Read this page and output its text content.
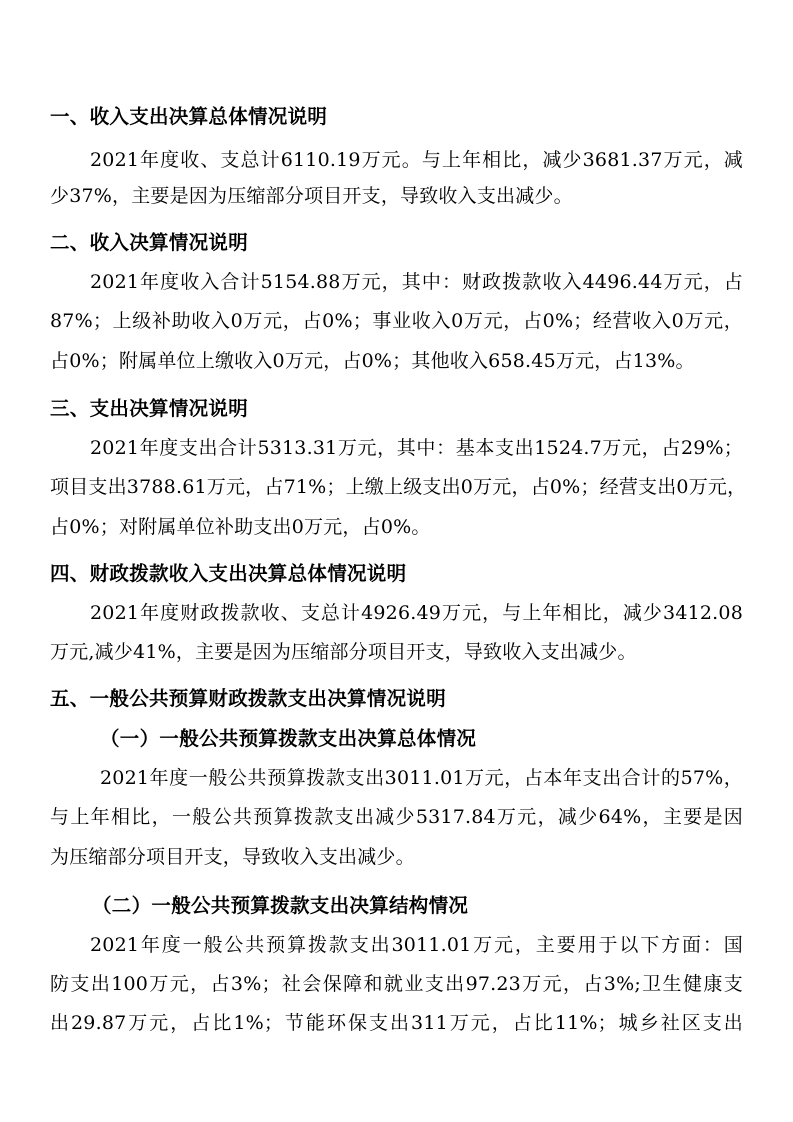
一、收入支出决算总体情况说明

2021年度收、支总计6110.19万元。与上年相比，减少3681.37万元，减

少37%，主要是因为压缩部分项目开支，导致收入支出减少。

二、收入决算情况说明

2021年度收入合计5154.88万元，其中：财政拨款收入4496.44万元，占

87%；上级补助收入0万元，占0%；事业收入0万元，占0%；经营收入0万元，

占0%；附属单位上缴收入0万元，占0%；其他收入658.45万元，占13%。

三、支出决算情况说明

2021年度支出合计5313.31万元，其中：基本支出1524.7万元，占29%；

项目支出3788.61万元，占71%；上缴上级支出0万元，占0%；经营支出0万元，

占0%；对附属单位补助支出0万元，占0%。

四、财政拨款收入支出决算总体情况说明

2021年度财政拨款收、支总计4926.49万元，与上年相比，减少3412.08

万元,减少41%，主要是因为压缩部分项目开支，导致收入支出减少。

五、一般公共预算财政拨款支出决算情况说明
（一）一般公共预算拨款支出决算总体情况

2021年度一般公共预算拨款支出3011.01万元，占本年支出合计的57%，

与上年相比，一般公共预算拨款支出减少5317.84万元，减少64%，主要是因

为压缩部分项目开支，导致收入支出减少。

（二）一般公共预算拨款支出决算结构情况

2021年度一般公共预算拨款支出3011.01万元，主要用于以下方面：国

防支出100万元，占3%；社会保障和就业支出97.23万元，占3%;卫生健康支

出29.87万元，占比1%；节能环保支出311万元，占比11%；城乡社区支出
